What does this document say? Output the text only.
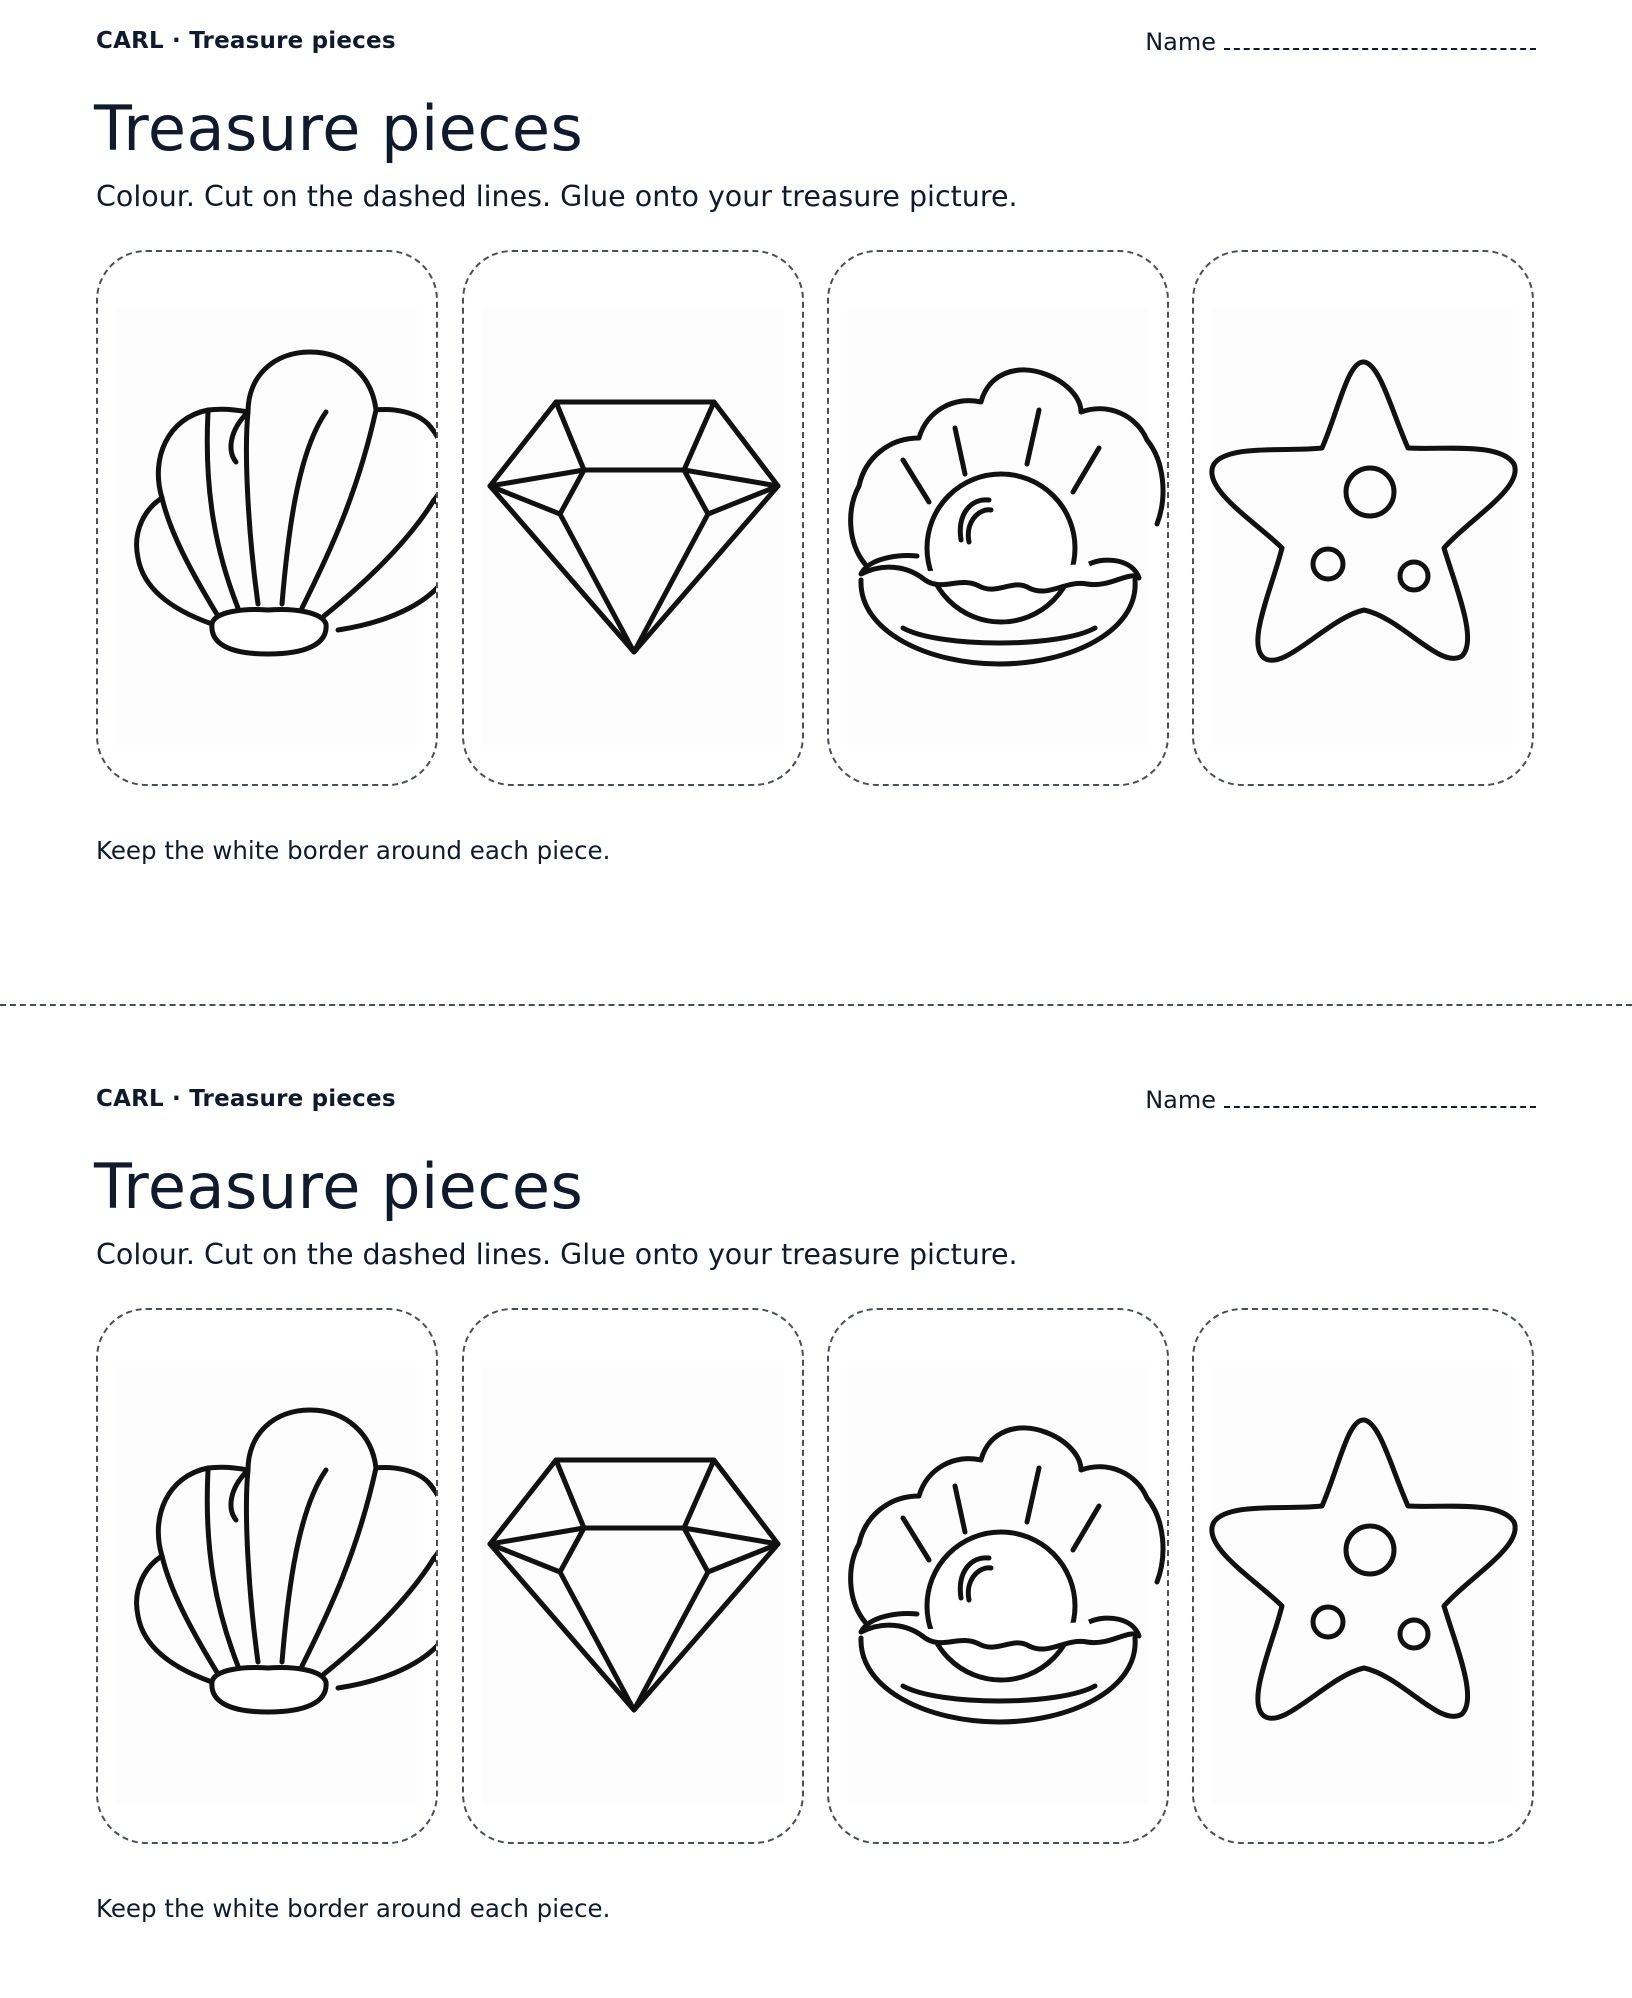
CARL · Treasure pieces	Name
Treasure pieces

Colour. Cut on the dashed lines. Glue onto your treasure picture.

Keep the white border around each piece.
CARL · Treasure pieces	Name
Treasure pieces

Colour. Cut on the dashed lines. Glue onto your treasure picture.

Keep the white border around each piece.
